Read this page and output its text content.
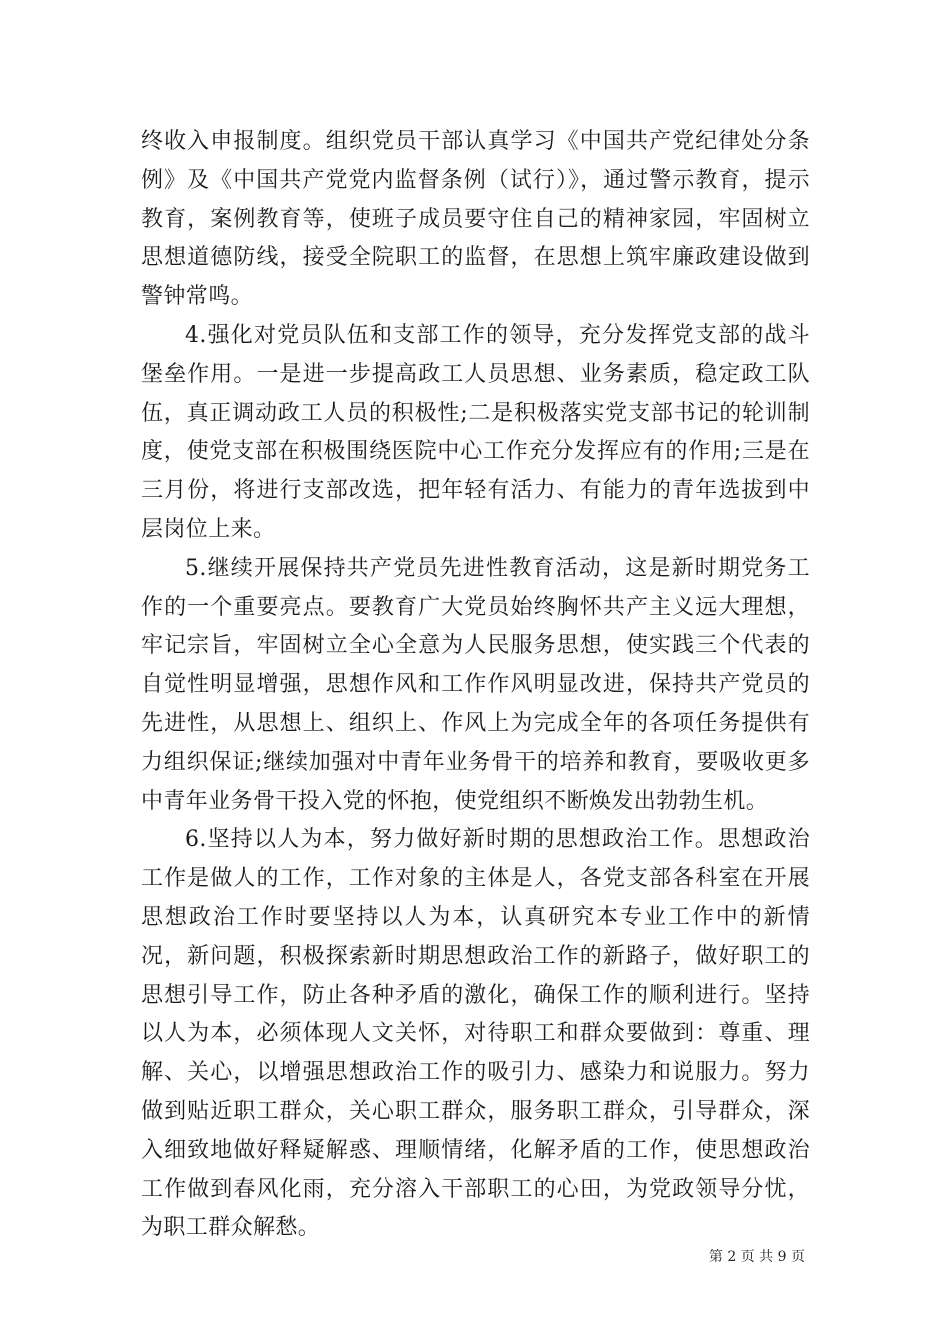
终收入申报制度。组织党员干部认真学习《中国共产党纪律处分条例》及《中国共产党党内监督条例（试行）》，通过警示教育，提示教育，案例教育等，使班子成员要守住自己的精神家园，牢固树立思想道德防线，接受全院职工的监督，在思想上筑牢廉政建设做到警钟常鸣。

4.强化对党员队伍和支部工作的领导，充分发挥党支部的战斗堡垒作用。一是进一步提高政工人员思想、业务素质，稳定政工队伍，真正调动政工人员的积极性;二是积极落实党支部书记的轮训制度，使党支部在积极围绕医院中心工作充分发挥应有的作用;三是在三月份，将进行支部改选，把年轻有活力、有能力的青年选拔到中层岗位上来。

5.继续开展保持共产党员先进性教育活动，这是新时期党务工作的一个重要亮点。要教育广大党员始终胸怀共产主义远大理想，牢记宗旨，牢固树立全心全意为人民服务思想，使实践三个代表的自觉性明显增强，思想作风和工作作风明显改进，保持共产党员的先进性，从思想上、组织上、作风上为完成全年的各项任务提供有力组织保证;继续加强对中青年业务骨干的培养和教育，要吸收更多中青年业务骨干投入党的怀抱，使党组织不断焕发出勃勃生机。

6.坚持以人为本，努力做好新时期的思想政治工作。思想政治工作是做人的工作，工作对象的主体是人，各党支部各科室在开展思想政治工作时要坚持以人为本，认真研究本专业工作中的新情况，新问题，积极探索新时期思想政治工作的新路子，做好职工的思想引导工作，防止各种矛盾的激化，确保工作的顺利进行。坚持以人为本，必须体现人文关怀，对待职工和群众要做到：尊重、理解、关心，以增强思想政治工作的吸引力、感染力和说服力。努力做到贴近职工群众，关心职工群众，服务职工群众，引导群众，深入细致地做好释疑解惑、理顺情绪，化解矛盾的工作，使思想政治工作做到春风化雨，充分溶入干部职工的心田，为党政领导分忧，为职工群众解愁。

第 2 页 共 9 页
